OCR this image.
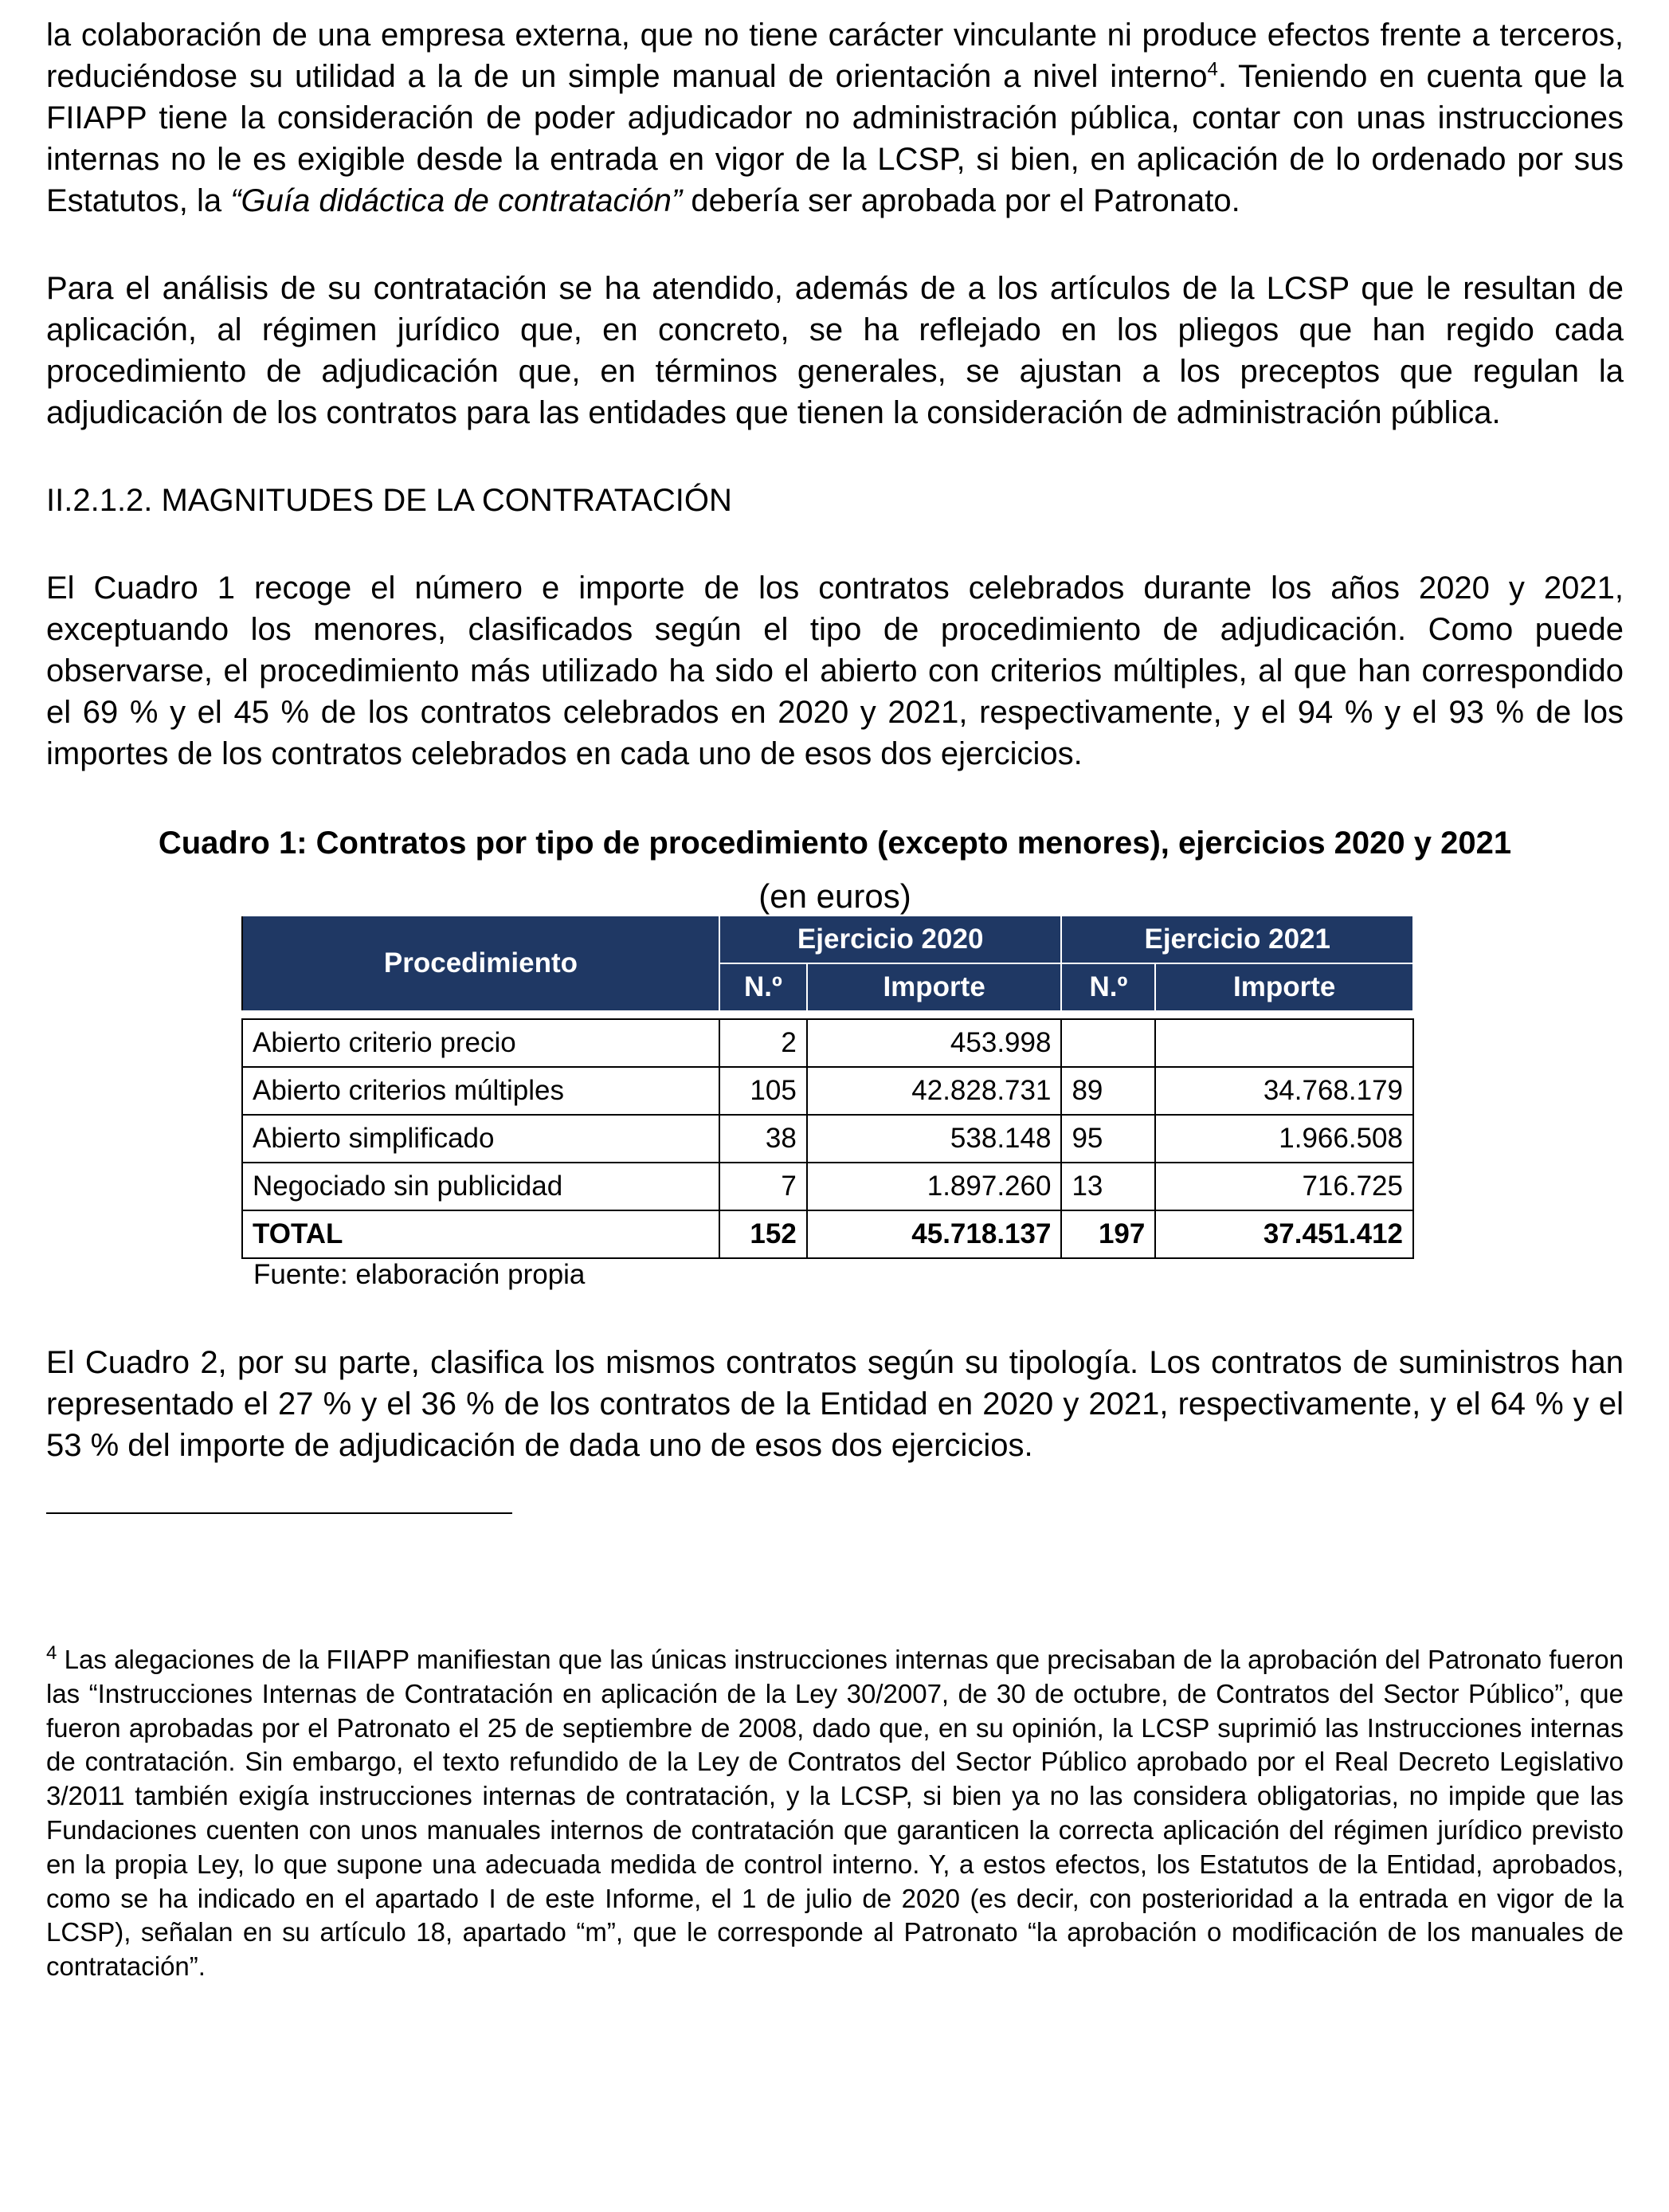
la colaboración de una empresa externa, que no tiene carácter vinculante ni produce efectos frente a terceros, reduciéndose su utilidad a la de un simple manual de orientación a nivel interno$^4$. Teniendo en cuenta que la FIIAPP tiene la consideración de poder adjudicador no administración pública, contar con unas instrucciones internas no le es exigible desde la entrada en vigor de la LCSP, si bien, en aplicación de lo ordenado por sus Estatutos, la “Guía didáctica de contratación” debería ser aprobada por el Patronato.

Para el análisis de su contratación se ha atendido, además de a los artículos de la LCSP que le resultan de aplicación, al régimen jurídico que, en concreto, se ha reflejado en los pliegos que han regido cada procedimiento de adjudicación que, en términos generales, se ajustan a los preceptos que regulan la adjudicación de los contratos para las entidades que tienen la consideración de administración pública.

II.2.1.2. MAGNITUDES DE LA CONTRATACIÓN

El Cuadro 1 recoge el número e importe de los contratos celebrados durante los años 2020 y 2021, exceptuando los menores, clasificados según el tipo de procedimiento de adjudicación. Como puede observarse, el procedimiento más utilizado ha sido el abierto con criterios múltiples, al que han correspondido el 69 % y el 45 % de los contratos celebrados en 2020 y 2021, respectivamente, y el 94 % y el 93 % de los importes de los contratos celebrados en cada uno de esos dos ejercicios.

Cuadro 1: Contratos por tipo de procedimiento (excepto menores), ejercicios 2020 y 2021

(en euros)

Procedimiento	Ejercicio 2020		Ejercicio 2021	
	N.º	Importe	N.º	Importe

Abierto criterio precio	2	453.998		
Abierto criterios múltiples	105	42.828.731	89	34.768.179
Abierto simplificado	38	538.148	95	1.966.508
Negociado sin publicidad	7	1.897.260	13	716.725
TOTAL	152	45.718.137	197	37.451.412

Fuente: elaboración propia

El Cuadro 2, por su parte, clasifica los mismos contratos según su tipología. Los contratos de suministros han representado el 27 % y el 36 % de los contratos de la Entidad en 2020 y 2021, respectivamente, y el 64 % y el 53 % del importe de adjudicación de dada uno de esos dos ejercicios.

$^4$ Las alegaciones de la FIIAPP manifiestan que las únicas instrucciones internas que precisaban de la aprobación del Patronato fueron las “Instrucciones Internas de Contratación en aplicación de la Ley 30/2007, de 30 de octubre, de Contratos del Sector Público”, que fueron aprobadas por el Patronato el 25 de septiembre de 2008, dado que, en su opinión, la LCSP suprimió las Instrucciones internas de contratación. Sin embargo, el texto refundido de la Ley de Contratos del Sector Público aprobado por el Real Decreto Legislativo 3/2011 también exigía instrucciones internas de contratación, y la LCSP, si bien ya no las considera obligatorias, no impide que las Fundaciones cuenten con unos manuales internos de contratación que garanticen la correcta aplicación del régimen jurídico previsto en la propia Ley, lo que supone una adecuada medida de control interno. Y, a estos efectos, los Estatutos de la Entidad, aprobados, como se ha indicado en el apartado I de este Informe, el 1 de julio de 2020 (es decir, con posterioridad a la entrada en vigor de la LCSP), señalan en su artículo 18, apartado “m”, que le corresponde al Patronato “la aprobación o modificación de los manuales de contratación”.
